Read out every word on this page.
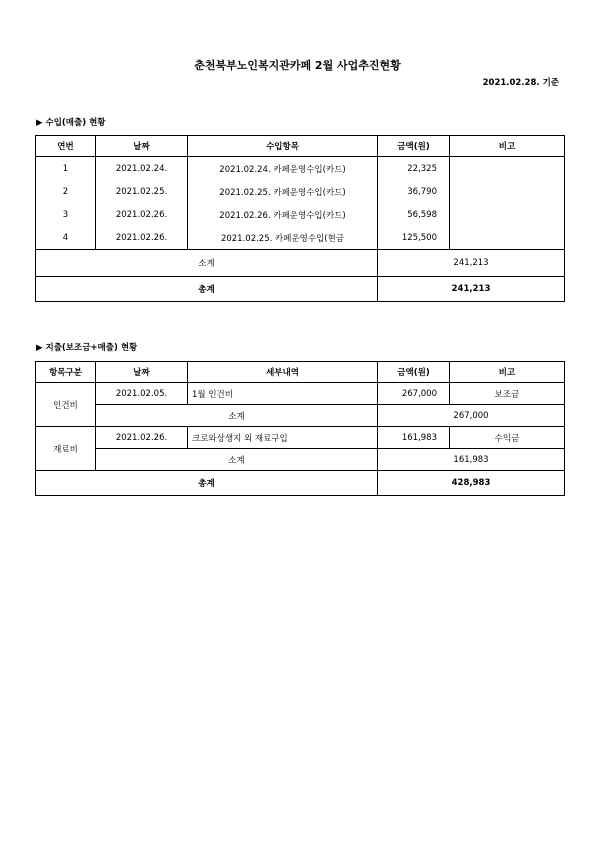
춘천북부노인복지관카페 2월 사업추진현황
2021.02.28. 기준
▶ 수입(매출) 현황
연번	날짜	수입항목	금액(원)	비고
1	2021.02.24.	2021.02.24. 카페운영수입(카드)	22,325	
2	2021.02.25.	2021.02.25. 카페운영수입(카드)	36,790	
3	2021.02.26.	2021.02.26. 카페운영수입(카드)	56,598	
4	2021.02.26.	2021.02.25. 카페운영수입(현금	125,500	
소계			241,213	
총계			241,213	
▶ 지출(보조금+매출) 현황
항목구분	날짜	세부내역	금액(원)	비고
인건비	2021.02.05.	1월 인건비	267,000	보조금
	소계		267,000	
재료비	2021.02.26.	크로와상생지 외 재료구입	161,983	수익금
	소계		161,983	
총계			428,983	
